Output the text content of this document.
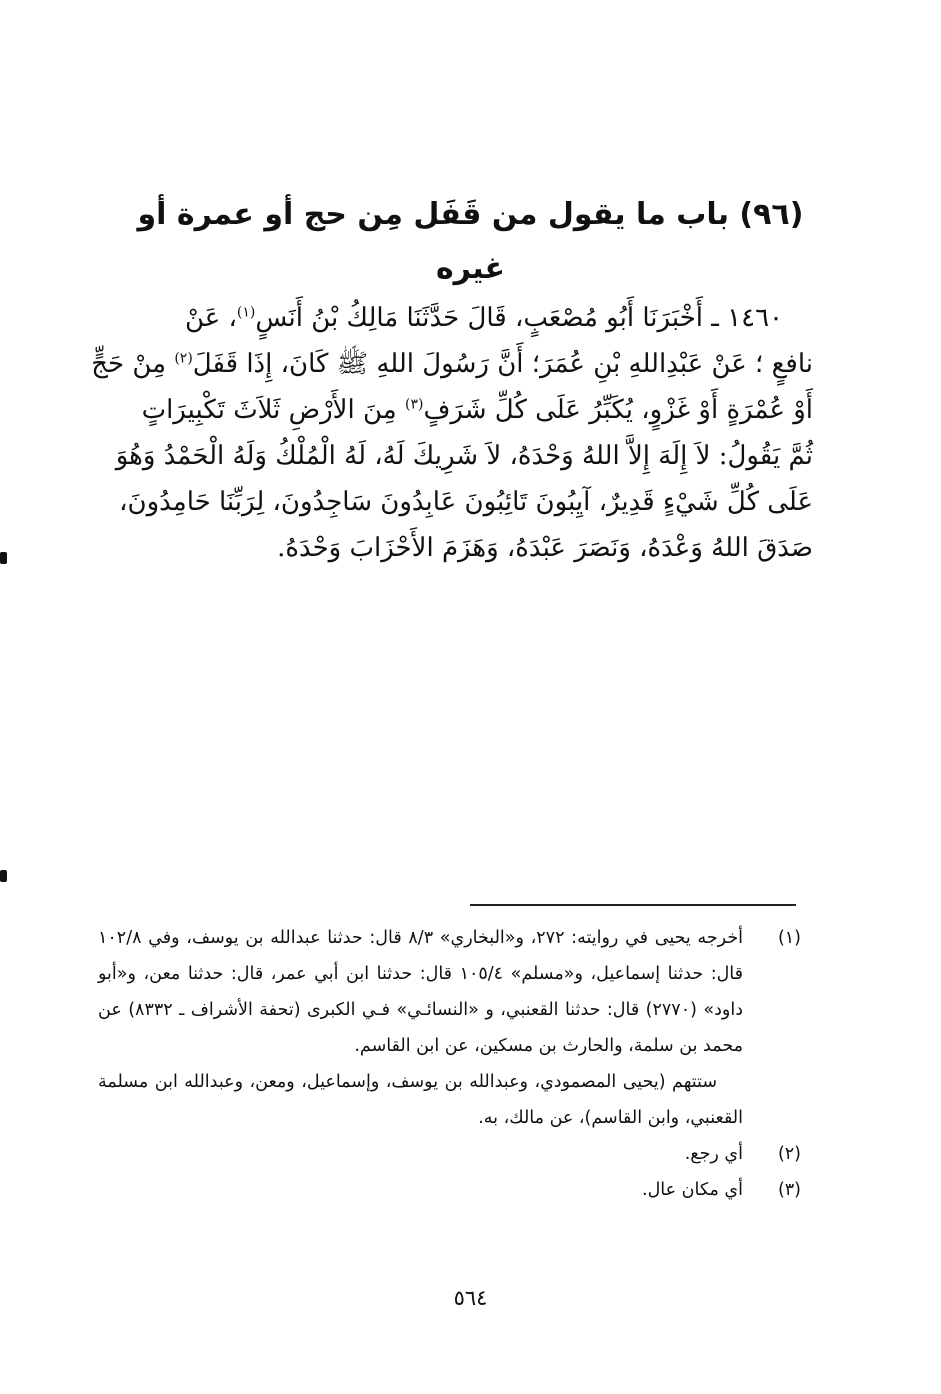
(٩٦) باب ما يقول من قَفَل مِن حج أو عمرة أو غيره
١٤٦٠ ـ أَخْبَرَنَا أَبُو مُصْعَبٍ، قَالَ حَدَّثَنَا مَالِكُ بْنُ أَنَسٍ$^{(١)}$، عَنْ
نافعٍ ؛ عَنْ عَبْدِاللهِ بْنِ عُمَرَ؛ أَنَّ رَسُولَ اللهِ ﷺ كَانَ، إِذَا قَفَلَ$^{(٢)}$ مِنْ حَجٍّ
أَوْ عُمْرَةٍ أَوْ غَزْوٍ، يُكَبِّرُ عَلَى كُلِّ شَرَفٍ$^{(٣)}$ مِنَ الأَرْضِ ثَلاَثَ تَكْبِيرَاتٍ
ثُمَّ يَقُولُ: لاَ إِلَهَ إِلاَّ اللهُ وَحْدَهُ، لاَ شَرِيكَ لَهُ، لَهُ الْمُلْكُ وَلَهُ الْحَمْدُ وَهُوَ
عَلَى كُلِّ شَيْءٍ قَدِيرٌ، آيِبُونَ تَائِبُونَ عَابِدُونَ سَاجِدُونَ، لِرَبِّنَا حَامِدُونَ،
صَدَقَ اللهُ وَعْدَهُ، وَنَصَرَ عَبْدَهُ، وَهَزَمَ الأَحْزَابَ وَحْدَهُ.
(١)
أخرجه يحيى في روايته: ٢٧٢، و«البخاري» ٨/٣ قال: حدثنا عبدالله بن يوسف، وفي ١٠٢/٨ قال: حدثنا إسماعيل، و«مسلم» ١٠٥/٤ قال: حدثنا ابن أبي عمر، قال: حدثنا معن، و«أبو داود» (٢٧٧٠) قال: حدثنا القعنبي، و «النسائـي» فـي الكبرى (تحفة الأشراف ـ ٨٣٣٢) عن محمد بن سلمة، والحارث بن مسكين، عن ابن القاسم.
ستتهم (يحيى المصمودي، وعبدالله بن يوسف، وإسماعيل، ومعن، وعبدالله ابن مسلمة القعنبي، وابن القاسم)، عن مالك، به.
(٢)
أي رجع.
(٣)
أي مكان عال.
٥٦٤
